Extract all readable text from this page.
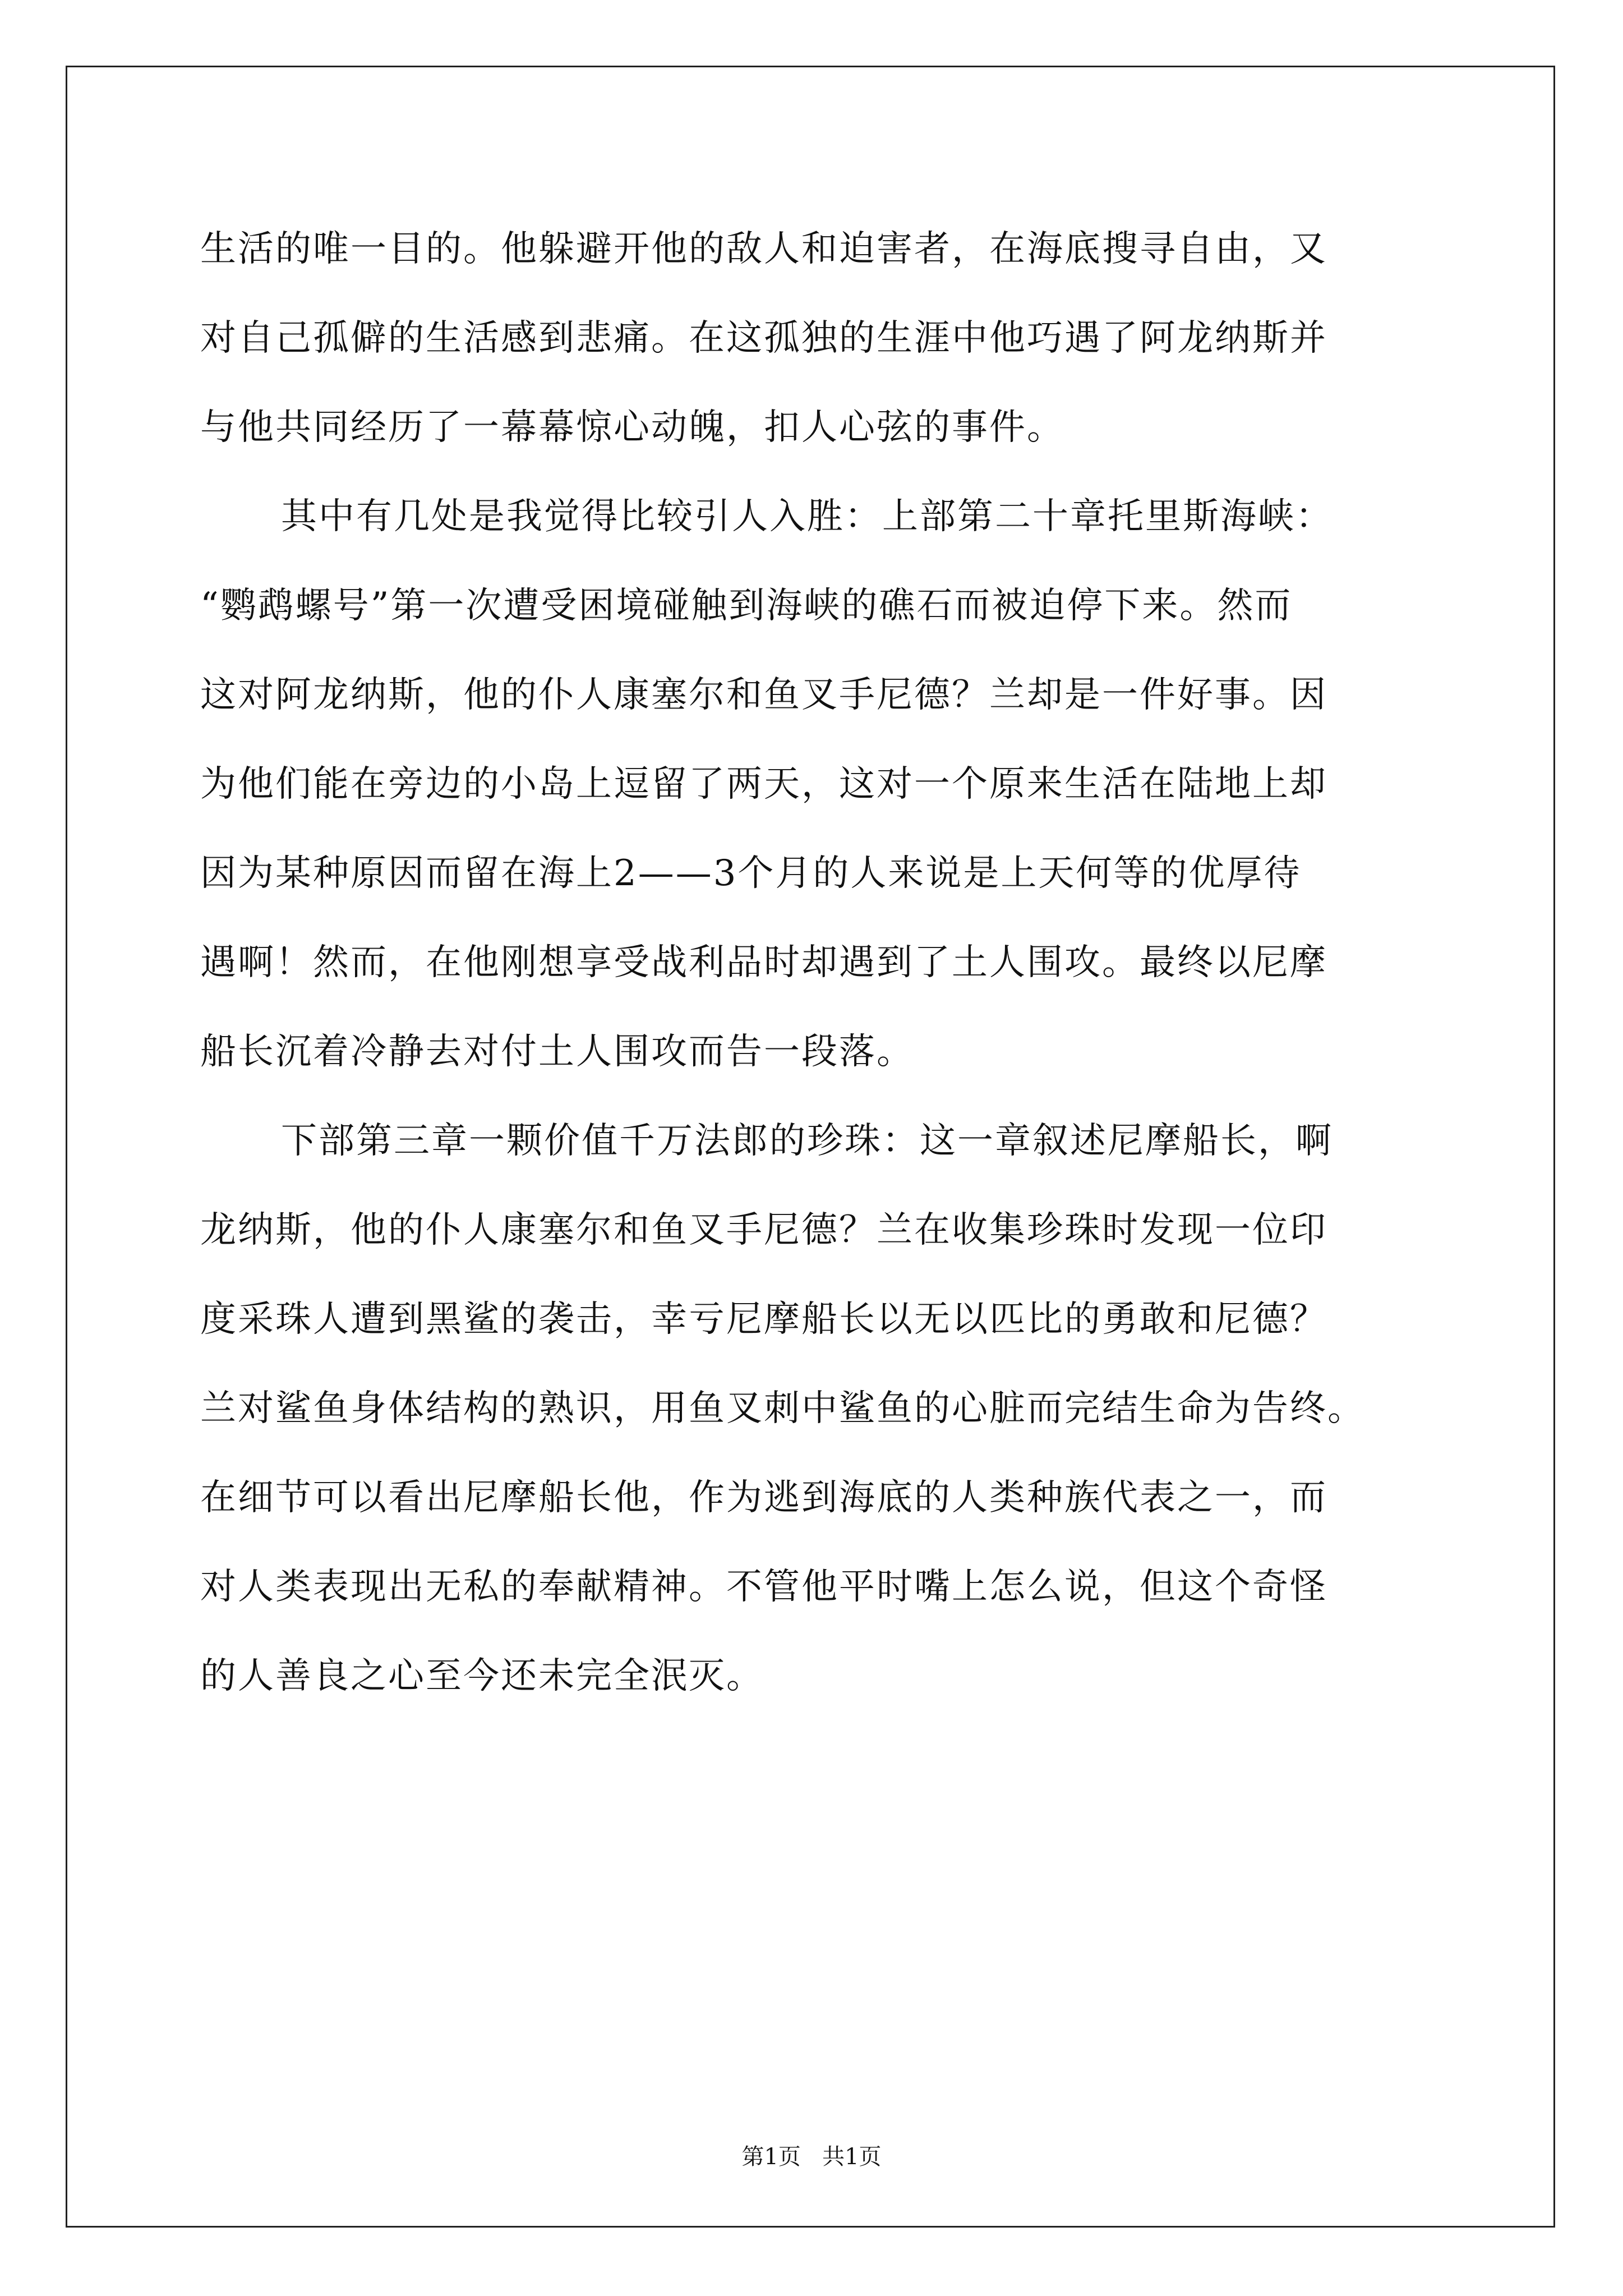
生活的唯一目的。他躲避开他的敌人和迫害者，在海底搜寻自由，又
对自己孤僻的生活感到悲痛。在这孤独的生涯中他巧遇了阿龙纳斯并
与他共同经历了一幕幕惊心动魄，扣人心弦的事件。
其中有几处是我觉得比较引人入胜：上部第二十章托里斯海峡：
“鹦鹉螺号”第一次遭受困境碰触到海峡的礁石而被迫停下来。然而
这对阿龙纳斯，他的仆人康塞尔和鱼叉手尼德？兰却是一件好事。因
为他们能在旁边的小岛上逗留了两天，这对一个原来生活在陆地上却
因为某种原因而留在海上2——3个月的人来说是上天何等的优厚待
遇啊！然而，在他刚想享受战利品时却遇到了土人围攻。最终以尼摩
船长沉着冷静去对付土人围攻而告一段落。
下部第三章一颗价值千万法郎的珍珠：这一章叙述尼摩船长，啊
龙纳斯，他的仆人康塞尔和鱼叉手尼德？兰在收集珍珠时发现一位印
度采珠人遭到黑鲨的袭击，幸亏尼摩船长以无以匹比的勇敢和尼德？
兰对鲨鱼身体结构的熟识，用鱼叉刺中鲨鱼的心脏而完结生命为告终。
在细节可以看出尼摩船长他，作为逃到海底的人类种族代表之一，而
对人类表现出无私的奉献精神。不管他平时嘴上怎么说，但这个奇怪
的人善良之心至今还未完全泯灭。
第1页 共1页
